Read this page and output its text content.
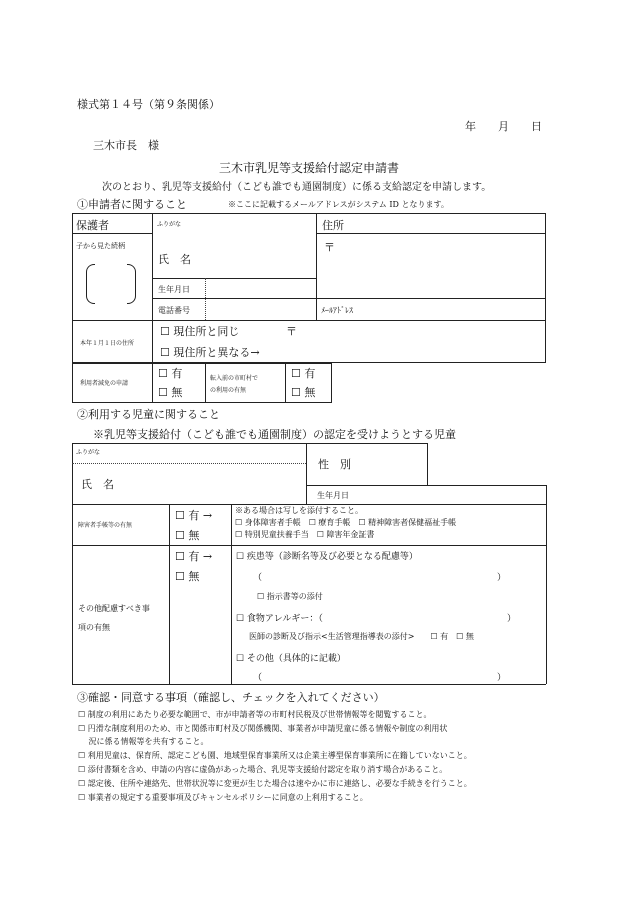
様式第１４号（第９条関係）
年　　月　　日
三木市長　様
三木市乳児等支援給付認定申請書
次のとおり、乳児等支援給付（こども誰でも通園制度）に係る支給認定を申請します。
①申請者に関すること	※ここに記載するメールアドレスがシステム ID となります。
保護者	ふりがな	住所
子から見た続柄
氏　名
〒
生年月日
電話番号	ﾒｰﾙｱﾄﾞﾚｽ
本年１月１日の住所
☐ 現住所と同じ	〒
☐ 現住所と異なる→
利用者減免の申請
☐ 有
☐ 無
転入前の市町村で
の利用の有無
☐ 有
☐ 無
②利用する児童に関すること
※乳児等支援給付（こども誰でも通園制度）の認定を受けようとする児童
ふりがな
氏　名
性　別
生年月日
障害者手帳等の有無
☐ 有 →
☐ 無
※ある場合は写しを添付すること。
☐ 身体障害者手帳　☐ 療育手帳　☐ 精神障害者保健福祉手帳
☐ 特別児童扶養手当　☐ 障害年金証書
その他配慮すべき事
項の有無
☐ 有 →
☐ 無
☐ 疾患等（診断名等及び必要となる配慮等）
（	）
☐ 指示書等の添付
☐ 食物アレルギー：（	）
医師の診断及び指示<生活管理指導表の添付>　　☐ 有　☐ 無
☐ その他（具体的に記載）
（	）
③確認・同意する事項（確認し、チェックを入れてください）
☐ 制度の利用にあたり必要な範囲で、市が申請者等の市町村民税及び世帯情報等を閲覧すること。
☐ 円滑な制度利用のため、市と関係市町村及び関係機関、事業者が申請児童に係る情報や制度の利用状
　 況に係る情報等を共有すること。
☐ 利用児童は、保育所、認定こども園、地域型保育事業所又は企業主導型保育事業所に在籍していないこと。
☐ 添付書類を含め、申請の内容に虚偽があった場合、乳児等支援給付認定を取り消す場合があること。
☐ 認定後、住所や連絡先、世帯状況等に変更が生じた場合は速やかに市に連絡し、必要な手続きを行うこと。
☐ 事業者の規定する重要事項及びキャンセルポリシーに同意の上利用すること。
